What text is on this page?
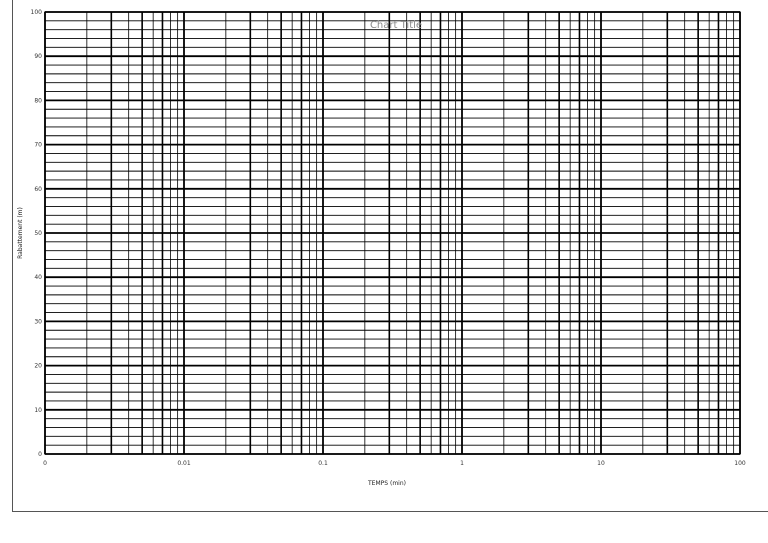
0	0.01	0.1	1	10	100
0
10
20
30
40
50
60
70
80
90
100
Chart Title
TEMPS (min)
Rabattement (m)
